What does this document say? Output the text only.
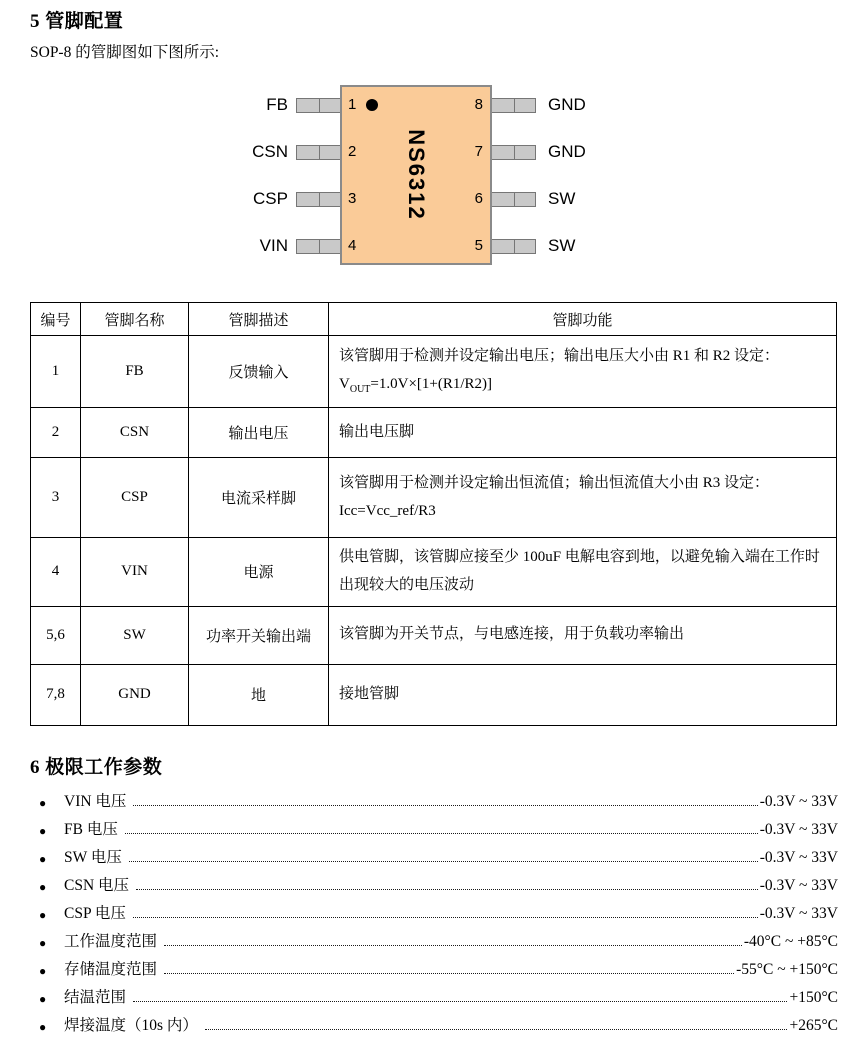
5 管脚配置
SOP-8 的管脚图如下图所示:
FB
CSN
CSP
VIN
NS6312
1
2
3
4
8
7
6
5
GND
GND
SW
SW
编号	管脚名称	管脚描述	管脚功能
1	FB	反馈输入	该管脚用于检测并设定输出电压；输出电压大小由 R1 和 R2 设定：
$V_{OUT}=1.0V\times[1+(R1/R2)]$
2	CSN	输出电压	输出电压脚
3	CSP	电流采样脚	该管脚用于检测并设定输出恒流值；输出恒流值大小由 R3 设定：
Icc=Vcc_ref/R3
4	VIN	电源	供电管脚，该管脚应接至少 100uF 电解电容到地，以避免输入端在工作时出现较大的电压波动
5,6	SW	功率开关输出端	该管脚为开关节点，与电感连接，用于负载功率输出
7,8	GND	地	接地管脚
6 极限工作参数
●	VIN 电压	-0.3V ~ 33V
●	FB 电压	-0.3V ~ 33V
●	SW 电压	-0.3V ~ 33V
●	CSN 电压	-0.3V ~ 33V
●	CSP 电压	-0.3V ~ 33V
●	工作温度范围	-40°C ~ +85°C
●	存储温度范围	-55°C ~ +150°C
●	结温范围	+150°C
●	焊接温度（10s 内）	+265°C
